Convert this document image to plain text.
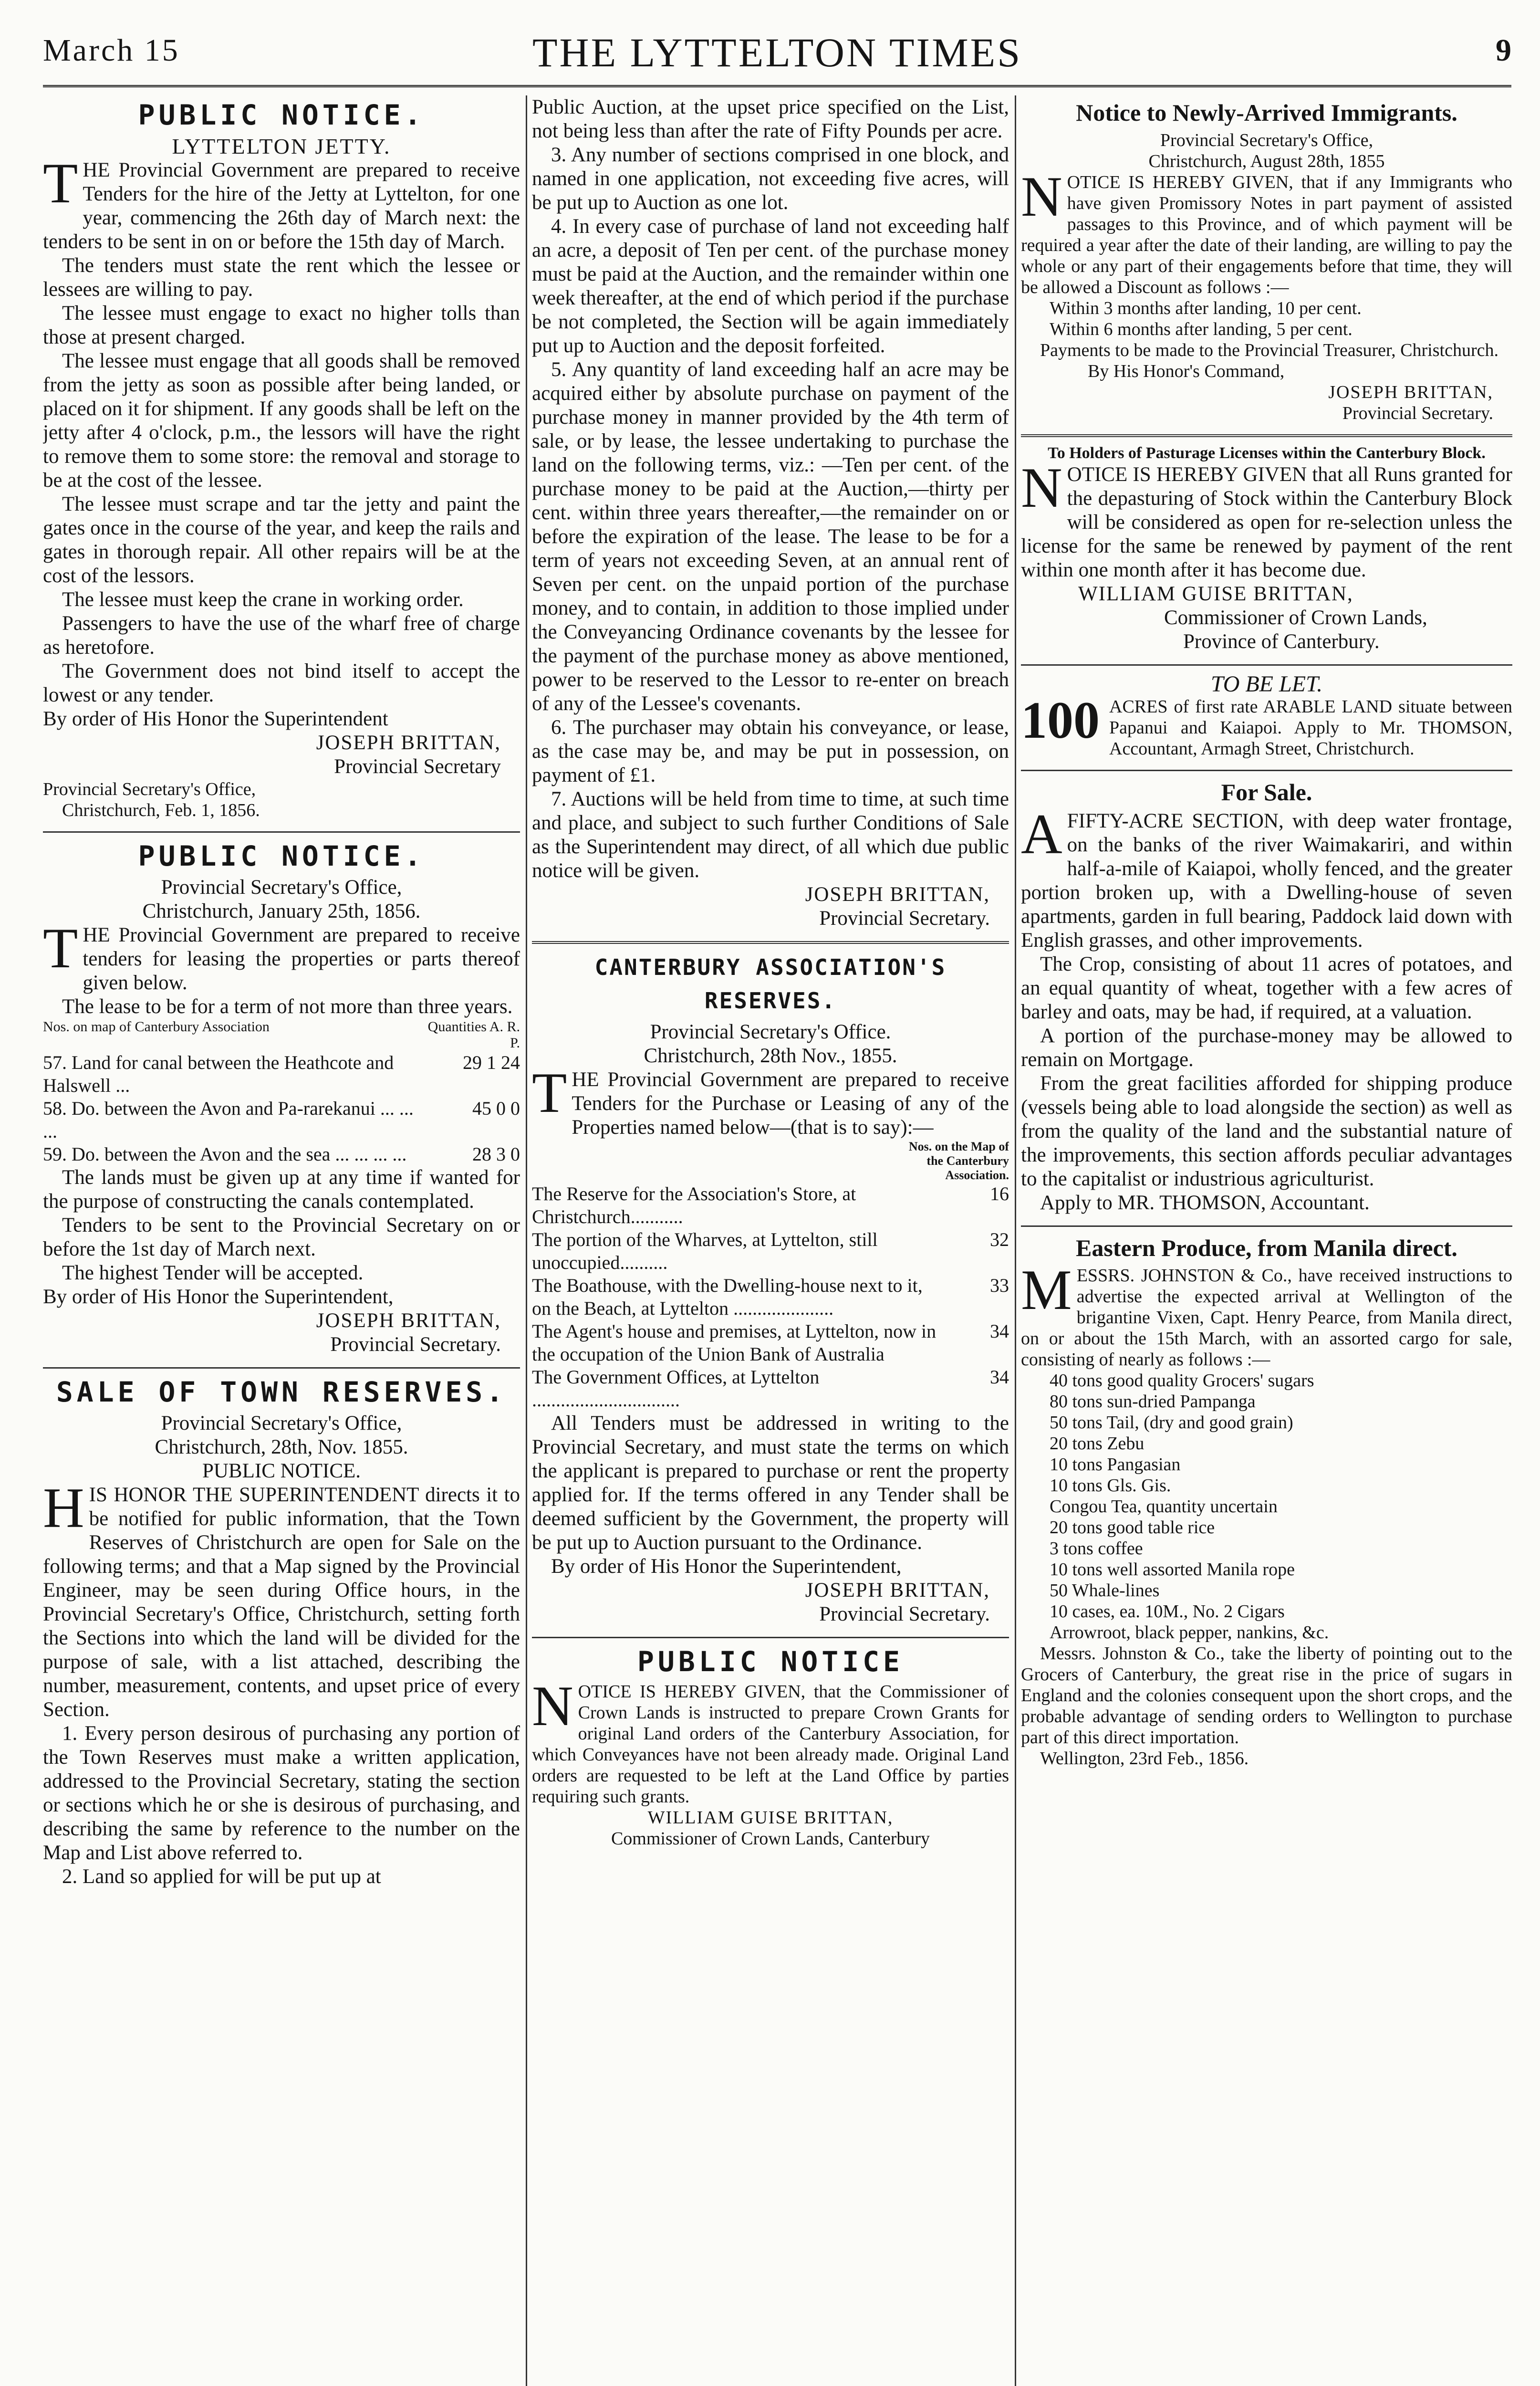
March 15	THE LYTTELTON TIMES	9
PUBLIC NOTICE.
LYTTELTON JETTY.

THE Provincial Government are prepared to receive Tenders for the hire of the Jetty at Lyttelton, for one year, commencing the 26th day of March next: the tenders to be sent in on or before the 15th day of March.

The tenders must state the rent which the lessee or lessees are willing to pay.

The lessee must engage to exact no higher tolls than those at present charged.

The lessee must engage that all goods shall be removed from the jetty as soon as possible after being landed, or placed on it for shipment. If any goods shall be left on the jetty after 4 o'clock, p.m., the lessors will have the right to remove them to some store: the removal and storage to be at the cost of the lessee.

The lessee must scrape and tar the jetty and paint the gates once in the course of the year, and keep the rails and gates in thorough repair. All other repairs will be at the cost of the lessors.

The lessee must keep the crane in working order.

Passengers to have the use of the wharf free of charge as heretofore.

The Government does not bind itself to accept the lowest or any tender.

By order of His Honor the Superintendent

JOSEPH BRITTAN,
Provincial Secretary
Provincial Secretary's Office,
Christchurch, Feb. 1, 1856.
PUBLIC NOTICE.
Provincial Secretary's Office,
Christchurch, January 25th, 1856.

THE Provincial Government are prepared to receive tenders for leasing the properties or parts thereof given below.

The lease to be for a term of not more than three years.

Nos. on map of Canterbury Association	Quantities A. R. P.
57. Land for canal between the Heathcote and Halswell ...	29 1 24
58. Do. between the Avon and Pa-rarekanui ... ... ...	45 0 0
59. Do. between the Avon and the sea ... ... ... ...	28 3 0

The lands must be given up at any time if wanted for the purpose of constructing the canals contemplated.

Tenders to be sent to the Provincial Secretary on or before the 1st day of March next.

The highest Tender will be accepted.

By order of His Honor the Superintendent,

JOSEPH BRITTAN,
Provincial Secretary.
SALE OF TOWN RESERVES.
Provincial Secretary's Office,
Christchurch, 28th, Nov. 1855.
PUBLIC NOTICE.

HIS HONOR THE SUPERINTENDENT directs it to be notified for public information, that the Town Reserves of Christchurch are open for Sale on the following terms; and that a Map signed by the Provincial Engineer, may be seen during Office hours, in the Provincial Secretary's Office, Christchurch, setting forth the Sections into which the land will be divided for the purpose of sale, with a list attached, describing the number, measurement, contents, and upset price of every Section.

1. Every person desirous of purchasing any portion of the Town Reserves must make a written application, addressed to the Provincial Secretary, stating the section or sections which he or she is desirous of purchasing, and describing the same by reference to the number on the Map and List above referred to.

2. Land so applied for will be put up at

Public Auction, at the upset price specified on the List, not being less than after the rate of Fifty Pounds per acre.

3. Any number of sections comprised in one block, and named in one application, not exceeding five acres, will be put up to Auction as one lot.

4. In every case of purchase of land not exceeding half an acre, a deposit of Ten per cent. of the purchase money must be paid at the Auction, and the remainder within one week thereafter, at the end of which period if the purchase be not completed, the Section will be again immediately put up to Auction and the deposit forfeited.

5. Any quantity of land exceeding half an acre may be acquired either by absolute purchase on payment of the purchase money in manner provided by the 4th term of sale, or by lease, the lessee undertaking to purchase the land on the following terms, viz.: —Ten per cent. of the purchase money to be paid at the Auction,—thirty per cent. within three years thereafter,—the remainder on or before the expiration of the lease. The lease to be for a term of years not exceeding Seven, at an annual rent of Seven per cent. on the unpaid portion of the purchase money, and to contain, in addition to those implied under the Conveyancing Ordinance covenants by the lessee for the payment of the purchase money as above mentioned, power to be reserved to the Lessor to re-enter on breach of any of the Lessee's covenants.

6. The purchaser may obtain his conveyance, or lease, as the case may be, and may be put in possession, on payment of £1.

7. Auctions will be held from time to time, at such time and place, and subject to such further Conditions of Sale as the Superintendent may direct, of all which due public notice will be given.

JOSEPH BRITTAN,
Provincial Secretary.
CANTERBURY ASSOCIATION'S RESERVES.
Provincial Secretary's Office.
Christchurch, 28th Nov., 1855.

THE Provincial Government are prepared to receive Tenders for the Purchase or Leasing of any of the Properties named below—(that is to say):—

Nos. on the Map of the Canterbury Association.
The Reserve for the Association's Store, at Christchurch...........	16
The portion of the Wharves, at Lyttelton, still unoccupied..........	32
The Boathouse, with the Dwelling-house next to it, on the Beach, at Lyttelton .....................	33
The Agent's house and premises, at Lyttelton, now in the occupation of the Union Bank of Australia	34
The Government Offices, at Lyttelton ...............................	34

All Tenders must be addressed in writing to the Provincial Secretary, and must state the terms on which the applicant is prepared to purchase or rent the property applied for. If the terms offered in any Tender shall be deemed sufficient by the Government, the property will be put up to Auction pursuant to the Ordinance.

By order of His Honor the Superintendent,

JOSEPH BRITTAN,
Provincial Secretary.
PUBLIC NOTICE

NOTICE IS HEREBY GIVEN, that the Commissioner of Crown Lands is instructed to prepare Crown Grants for original Land orders of the Canterbury Association, for which Conveyances have not been already made. Original Land orders are requested to be left at the Land Office by parties requiring such grants.

WILLIAM GUISE BRITTAN,
Commissioner of Crown Lands, Canterbury
Notice to Newly-Arrived Immigrants.
Provincial Secretary's Office,
Christchurch, August 28th, 1855

NOTICE IS HEREBY GIVEN, that if any Immigrants who have given Promissory Notes in part payment of assisted passages to this Province, and of which payment will be required a year after the date of their landing, are willing to pay the whole or any part of their engagements before that time, they will be allowed a Discount as follows :—

Within 3 months after landing, 10 per cent.
Within 6 months after landing, 5 per cent.

Payments to be made to the Provincial Treasurer, Christchurch.

By His Honor's Command,
JOSEPH BRITTAN,
Provincial Secretary.
To Holders of Pasturage Licenses within the Canterbury Block.

NOTICE IS HEREBY GIVEN that all Runs granted for the depasturing of Stock within the Canterbury Block will be considered as open for re-selection unless the license for the same be renewed by payment of the rent within one month after it has become due.

WILLIAM GUISE BRITTAN,
Commissioner of Crown Lands,
Province of Canterbury.
TO BE LET.

100 ACRES of first rate ARABLE LAND situate between Papanui and Kaiapoi. Apply to Mr. THOMSON, Accountant, Armagh Street, Christchurch.

For Sale.

AFIFTY-ACRE SECTION, with deep water frontage, on the banks of the river Waimakariri, and within half-a-mile of Kaiapoi, wholly fenced, and the greater portion broken up, with a Dwelling-house of seven apartments, garden in full bearing, Paddock laid down with English grasses, and other improvements.

The Crop, consisting of about 11 acres of potatoes, and an equal quantity of wheat, together with a few acres of barley and oats, may be had, if required, at a valuation.

A portion of the purchase-money may be allowed to remain on Mortgage.

From the great facilities afforded for shipping produce (vessels being able to load alongside the section) as well as from the quality of the land and the substantial nature of the improvements, this section affords peculiar advantages to the capitalist or industrious agriculturist.

Apply to MR. THOMSON, Accountant.

Eastern Produce, from Manila direct.

MESSRS. JOHNSTON & Co., have received instructions to advertise the expected arrival at Wellington of the brigantine Vixen, Capt. Henry Pearce, from Manila direct, on or about the 15th March, with an assorted cargo for sale, consisting of nearly as follows :—

40 tons good quality Grocers' sugars
80 tons sun-dried Pampanga
50 tons Tail, (dry and good grain)
20 tons Zebu
10 tons Pangasian
10 tons Gls. Gis.
Congou Tea, quantity uncertain
20 tons good table rice
3 tons coffee
10 tons well assorted Manila rope
50 Whale-lines
10 cases, ea. 10M., No. 2 Cigars
Arrowroot, black pepper, nankins, &c.

Messrs. Johnston & Co., take the liberty of pointing out to the Grocers of Canterbury, the great rise in the price of sugars in England and the colonies consequent upon the short crops, and the probable advantage of sending orders to Wellington to purchase part of this direct importation.

Wellington, 23rd Feb., 1856.
